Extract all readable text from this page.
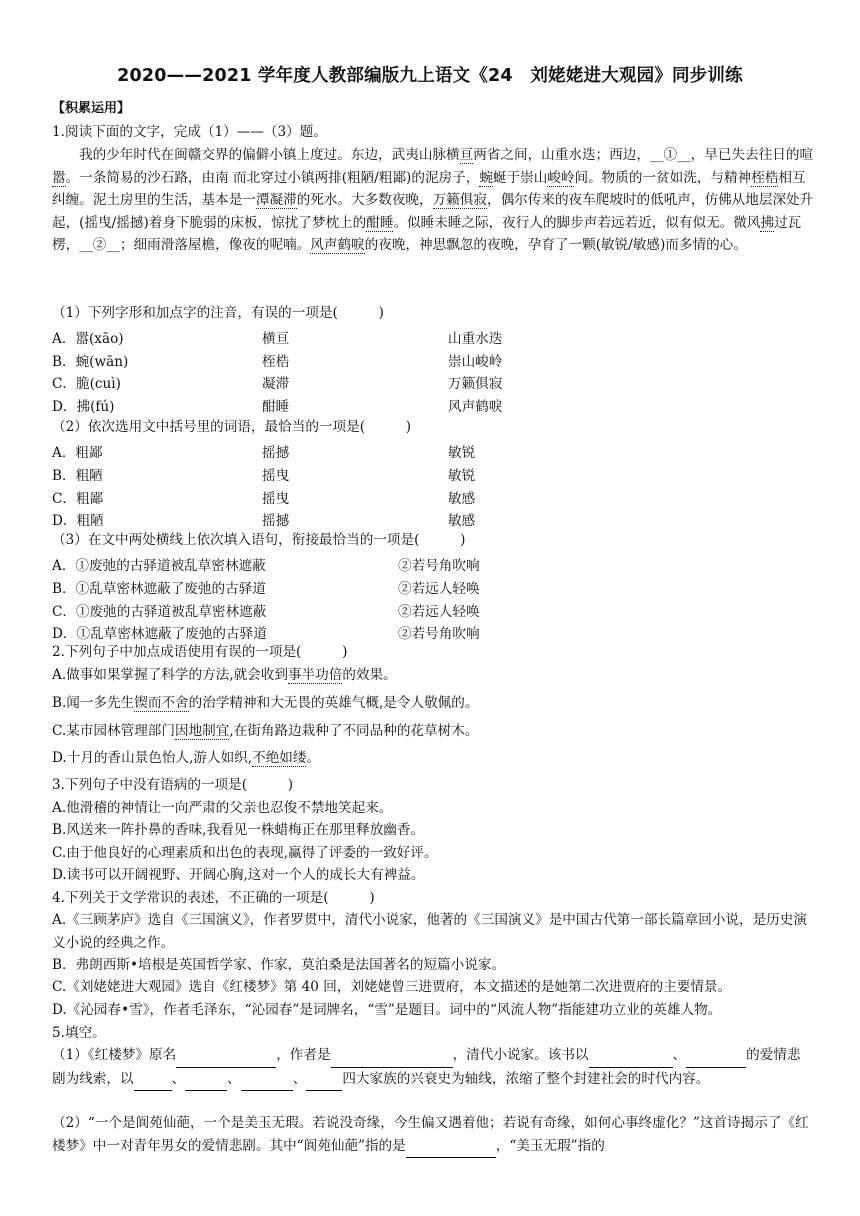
2020——2021 学年度人教部编版九上语文《24　刘姥姥进大观园》同步训练
【积累运用】
1.阅读下面的文字，完成（1）——（3）题。
我的少年时代在闽赣交界的偏僻小镇上度过。东边，武夷山脉横亘两省之间，山重水迭；西边，__①__，早已失去往日的喧嚣。一条简易的沙石路，由南 而北穿过小镇两排(粗陋/粗鄙)的泥房子，蜿蜒于崇山峻岭间。物质的一贫如洗，与精神桎梏相互纠缠。泥土房里的生活，基本是一潭凝滞的死水。大多数夜晚，万籁俱寂，偶尔传来的夜车爬坡时的低吼声，仿佛从地层深处升起，(摇曳/摇撼)着身下脆弱的床板，惊扰了梦枕上的酣睡。似睡未睡之际，夜行人的脚步声若远若近，似有似无。微风拂过瓦楞，__②__；细雨滑落屋檐，像夜的呢喃。风声鹤唳的夜晚，神思飘忽的夜晚，孕育了一颗(敏锐/敏感)而多情的心。
（1）下列字形和加点字的注音，有误的一项是(　　　)
A．嚣(xāo)	横亘	山重水迭
B．蜿(wān)	桎梏	崇山峻岭
C．脆(cuì)	凝滞	万籁俱寂
D．拂(fú)	酣睡	风声鹤唳
（2）依次选用文中括号里的词语，最恰当的一项是(　　　)
A．粗鄙	摇撼	敏锐
B．粗陋	摇曳	敏锐
C．粗鄙	摇曳	敏感
D．粗陋	摇撼	敏感
（3）在文中两处横线上依次填入语句，衔接最恰当的一项是(　　　)
A．①废弛的古驿道被乱草密林遮蔽	②若号角吹响
B．①乱草密林遮蔽了废弛的古驿道	②若远人轻唤
C．①废弛的古驿道被乱草密林遮蔽	②若远人轻唤
D．①乱草密林遮蔽了废弛的古驿道	②若号角吹响
2.下列句子中加点成语使用有误的一项是(　　　)
A.做事如果掌握了科学的方法,就会收到事半功倍的效果。
B.闻一多先生锲而不舍的治学精神和大无畏的英雄气概,是令人敬佩的。
C.某市园林管理部门因地制宜,在街角路边栽种了不同品种的花草树木。
D.十月的香山景色怡人,游人如织,不绝如缕。
3.下列句子中没有语病的一项是(　　　)
A.他滑稽的神情让一向严肃的父亲也忍俊不禁地笑起来。
B.风送来一阵扑鼻的香味,我看见一株蜡梅正在那里释放幽香。
C.由于他良好的心理素质和出色的表现,赢得了评委的一致好评。
D.读书可以开阔视野、开阔心胸,这对一个人的成长大有裨益。
4.下列关于文学常识的表述，不正确的一项是(　　　)
A.《三顾茅庐》选自《三国演义》，作者罗贯中，清代小说家，他著的《三国演义》是中国古代第一部长篇章回小说，是历史演义小说的经典之作。
B．弗朗西斯•培根是英国哲学家、作家，莫泊桑是法国著名的短篇小说家。
C.《刘姥姥进大观园》选自《红楼梦》第 40 回，刘姥姥曾三进贾府，本文描述的是她第二次进贾府的主要情景。
D.《沁园春•雪》，作者毛泽东，“沁园春”是词牌名，“雪”是题目。词中的“风流人物”指能建功立业的英雄人物。
5.填空。
（1）《红楼梦》原名	，作者是	，清代小说家。该书以	、	的爱情悲剧为线索，以	、	、	、	四大家族的兴衰史为轴线，浓缩了整个封建社会的时代内容。
（2）“一个是阆苑仙葩，一个是美玉无瑕。若说没奇缘，今生偏又遇着他；若说有奇缘，如何心事终虚化？”这首诗揭示了《红楼梦》中一对青年男女的爱情悲剧。其中“阆苑仙葩”指的是	，“美玉无瑕”指的
